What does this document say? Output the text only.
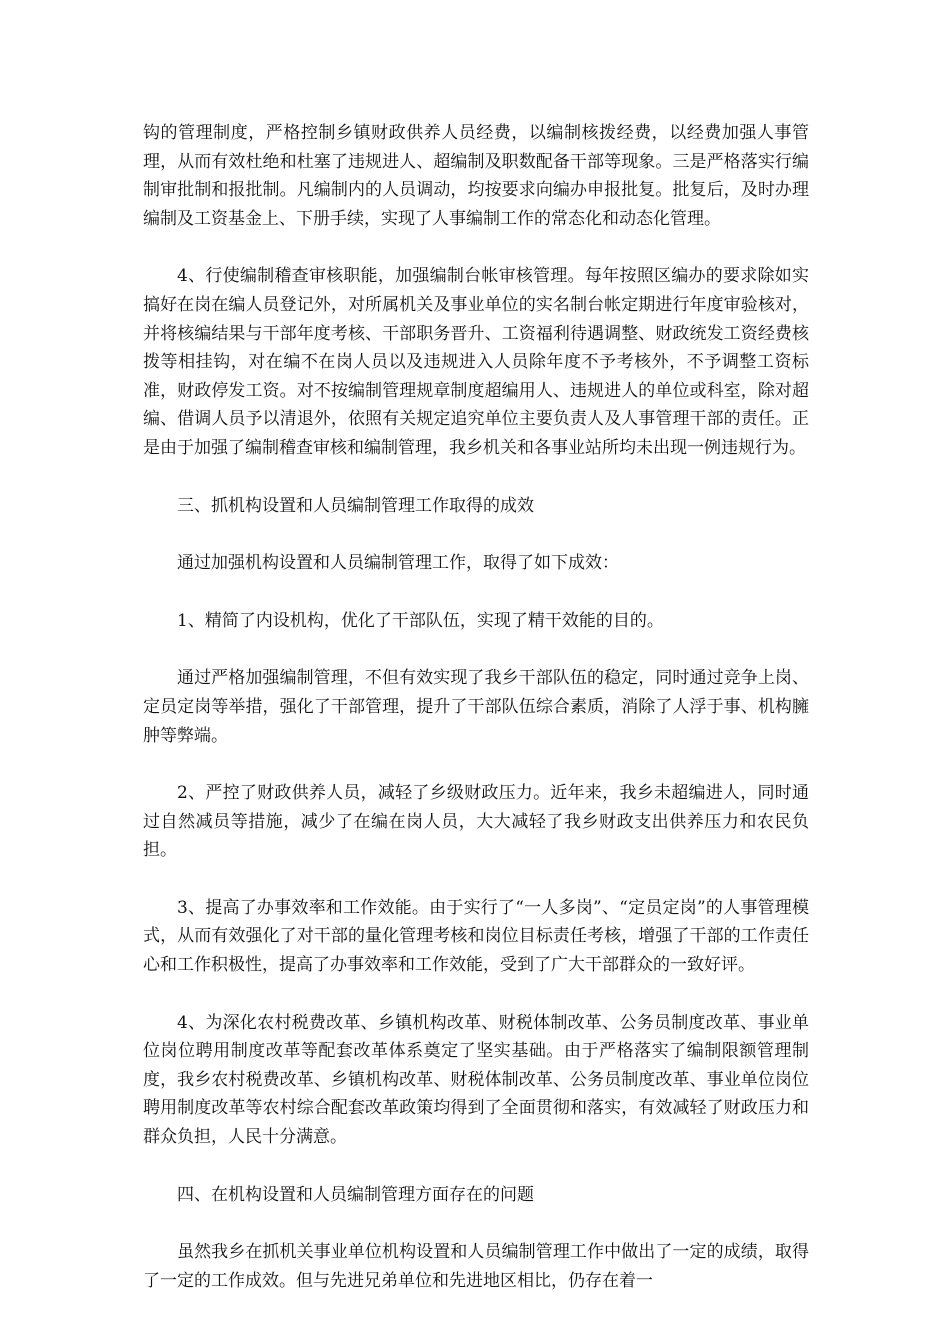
钩的管理制度，严格控制乡镇财政供养人员经费，以编制核拨经费，以经费加强人事管理，从而有效杜绝和杜塞了违规进人、超编制及职数配备干部等现象。三是严格落实行编制审批制和报批制。凡编制内的人员调动，均按要求向编办申报批复。批复后，及时办理编制及工资基金上、下册手续，实现了人事编制工作的常态化和动态化管理。

4、行使编制稽查审核职能，加强编制台帐审核管理。每年按照区编办的要求除如实搞好在岗在编人员登记外，对所属机关及事业单位的实名制台帐定期进行年度审验核对，并将核编结果与干部年度考核、干部职务晋升、工资福利待遇调整、财政统发工资经费核拨等相挂钩，对在编不在岗人员以及违规进入人员除年度不予考核外，不予调整工资标准，财政停发工资。对不按编制管理规章制度超编用人、违规进人的单位或科室，除对超编、借调人员予以清退外，依照有关规定追究单位主要负责人及人事管理干部的责任。正是由于加强了编制稽查审核和编制管理，我乡机关和各事业站所均未出现一例违规行为。

三、抓机构设置和人员编制管理工作取得的成效

通过加强机构设置和人员编制管理工作，取得了如下成效：

1、精简了内设机构，优化了干部队伍，实现了精干效能的目的。

通过严格加强编制管理，不但有效实现了我乡干部队伍的稳定，同时通过竞争上岗、定员定岗等举措，强化了干部管理，提升了干部队伍综合素质，消除了人浮于事、机构臃肿等弊端。

2、严控了财政供养人员，减轻了乡级财政压力。近年来，我乡未超编进人，同时通过自然减员等措施，减少了在编在岗人员，大大减轻了我乡财政支出供养压力和农民负担。

3、提高了办事效率和工作效能。由于实行了“一人多岗”、“定员定岗”的人事管理模式，从而有效强化了对干部的量化管理考核和岗位目标责任考核，增强了干部的工作责任心和工作积极性，提高了办事效率和工作效能，受到了广大干部群众的一致好评。

4、为深化农村税费改革、乡镇机构改革、财税体制改革、公务员制度改革、事业单位岗位聘用制度改革等配套改革体系奠定了坚实基础。由于严格落实了编制限额管理制度，我乡农村税费改革、乡镇机构改革、财税体制改革、公务员制度改革、事业单位岗位聘用制度改革等农村综合配套改革政策均得到了全面贯彻和落实，有效减轻了财政压力和群众负担，人民十分满意。

四、在机构设置和人员编制管理方面存在的问题

虽然我乡在抓机关事业单位机构设置和人员编制管理工作中做出了一定的成绩，取得了一定的工作成效。但与先进兄弟单位和先进地区相比，仍存在着一
